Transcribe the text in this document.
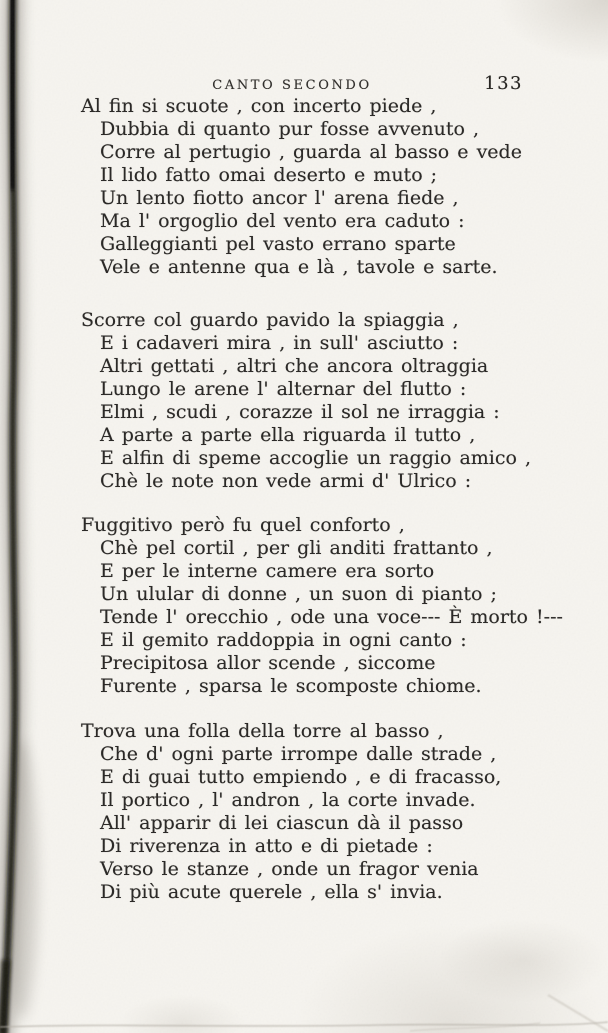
CANTO SECONDO	133
Al fin si scuote , con incerto piede ,
Dubbia di quanto pur fosse avvenuto ,
Corre al pertugio , guarda al basso e vede
Il lido fatto omai deserto e muto ;
Un lento fiotto ancor l' arena fiede ,
Ma l' orgoglio del vento era caduto :
Galleggianti pel vasto errano sparte
Vele e antenne qua e là , tavole e sarte.
Scorre col guardo pavido la spiaggia ,
E i cadaveri mira , in sull' asciutto :
Altri gettati , altri che ancora oltraggia
Lungo le arene l' alternar del flutto :
Elmi , scudi , corazze il sol ne irraggia :
A parte a parte ella riguarda il tutto ,
E alfin di speme accoglie un raggio amico ,
Chè le note non vede armi d' Ulrico :
Fuggitivo però fu quel conforto ,
Chè pel cortil , per gli anditi frattanto ,
E per le interne camere era sorto
Un ulular di donne , un suon di pianto ;
Tende l' orecchio , ode una voce--- È morto !---
E il gemito raddoppia in ogni canto :
Precipitosa allor scende , siccome
Furente , sparsa le scomposte chiome.
Trova una folla della torre al basso ,
Che d' ogni parte irrompe dalle strade ,
E di guai tutto empiendo , e di fracasso,
Il portico , l' andron , la corte invade.
All' apparir di lei ciascun dà il passo
Di riverenza in atto e di pietade :
Verso le stanze , onde un fragor venia
Di più acute querele , ella s' invia.
